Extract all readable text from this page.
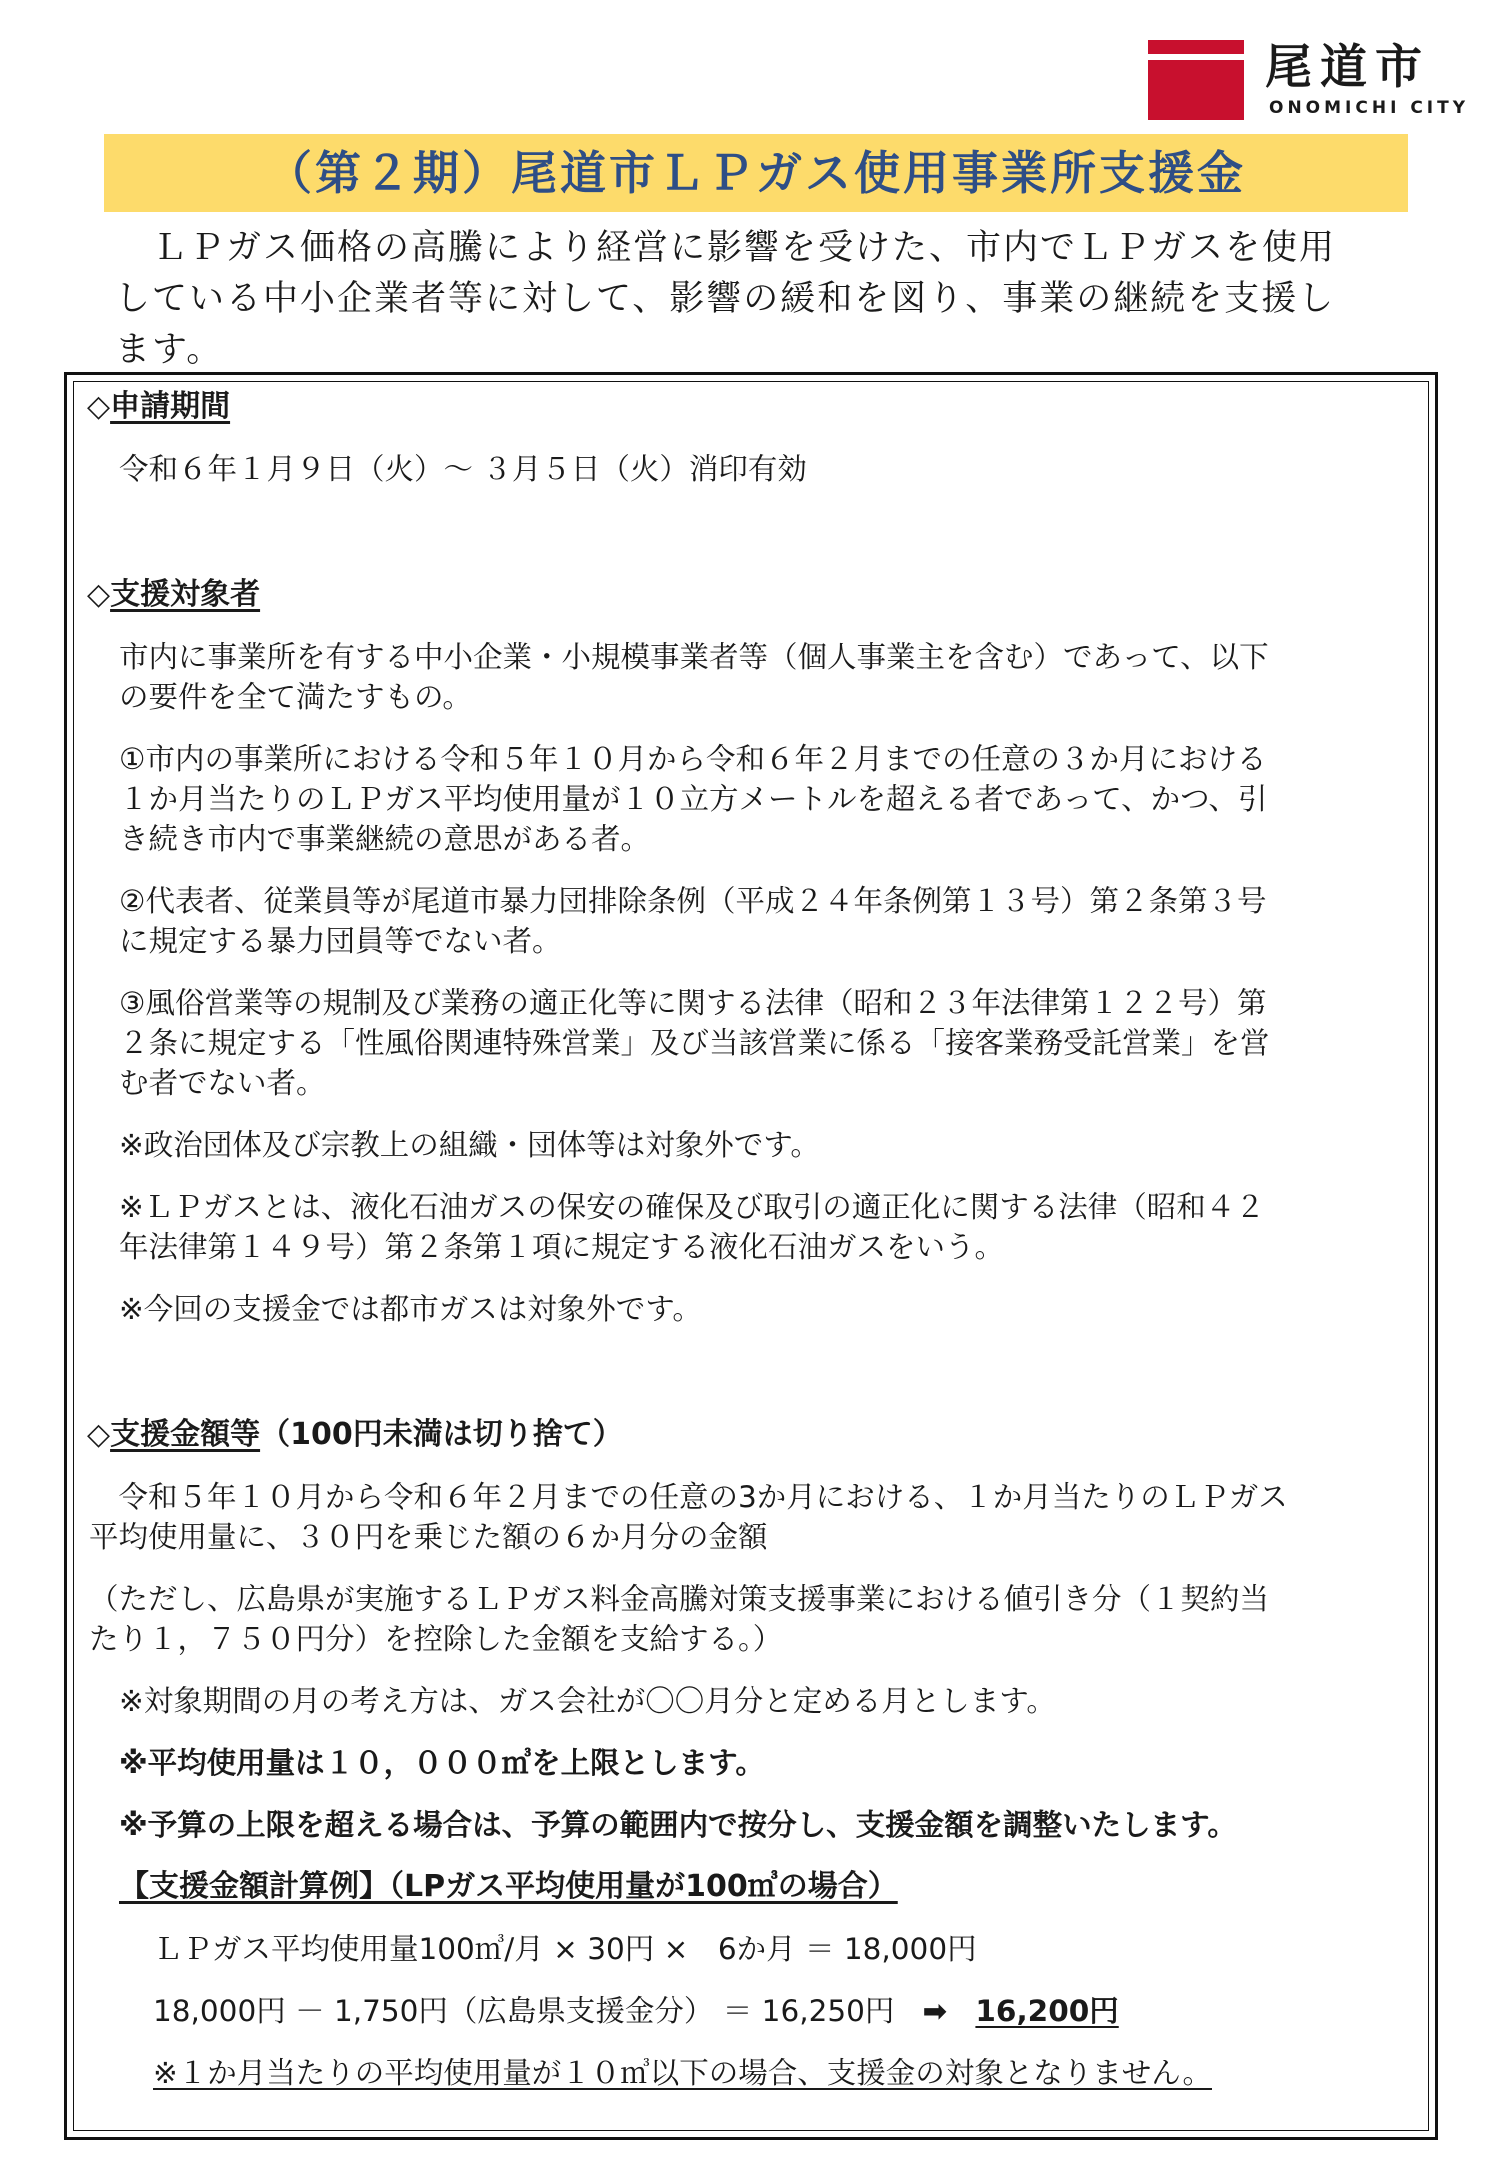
尾道市
ONOMICHI CITY
（第２期）尾道市ＬＰガス使用事業所支援金

　ＬＰガス価格の高騰により経営に影響を受けた、市内でＬＰガスを使用

している中小企業者等に対して、影響の緩和を図り、事業の継続を支援し

ます。

◇申請期間

令和６年１月９日（火）～ ３月５日（火）消印有効

◇支援対象者

市内に事業所を有する中小企業・小規模事業者等（個人事業主を含む）であって、以下

の要件を全て満たすもの。

①市内の事業所における令和５年１０月から令和６年２月までの任意の３か月における

１か月当たりのＬＰガス平均使用量が１０立方メートルを超える者であって、かつ、引

き続き市内で事業継続の意思がある者。

②代表者、従業員等が尾道市暴力団排除条例（平成２４年条例第１３号）第２条第３号

に規定する暴力団員等でない者。

③風俗営業等の規制及び業務の適正化等に関する法律（昭和２３年法律第１２２号）第

２条に規定する「性風俗関連特殊営業」及び当該営業に係る「接客業務受託営業」を営

む者でない者。

※政治団体及び宗教上の組織・団体等は対象外です。

※ＬＰガスとは、液化石油ガスの保安の確保及び取引の適正化に関する法律（昭和４２

年法律第１４９号）第２条第１項に規定する液化石油ガスをいう。

※今回の支援金では都市ガスは対象外です。

◇支援金額等（100円未満は切り捨て）

　令和５年１０月から令和６年２月までの任意の3か月における、１か月当たりのＬＰガス

平均使用量に、３０円を乗じた額の６か月分の金額

（ただし、広島県が実施するＬＰガス料金高騰対策支援事業における値引き分（１契約当

たり１，７５０円分）を控除した金額を支給する。）

※対象期間の月の考え方は、ガス会社が〇〇月分と定める月とします。

※平均使用量は１０，０００㎥を上限とします。

※予算の上限を超える場合は、予算の範囲内で按分し、支援金額を調整いたします。

【支援金額計算例】（LPガス平均使用量が100㎥の場合）

ＬＰガス平均使用量100㎥/月 × 30円 ×　6か月 ＝ 18,000円

18,000円 － 1,750円（広島県支援金分） ＝ 16,250円 ➡ 16,200円

※１か月当たりの平均使用量が１０㎥以下の場合、支援金の対象となりません。
